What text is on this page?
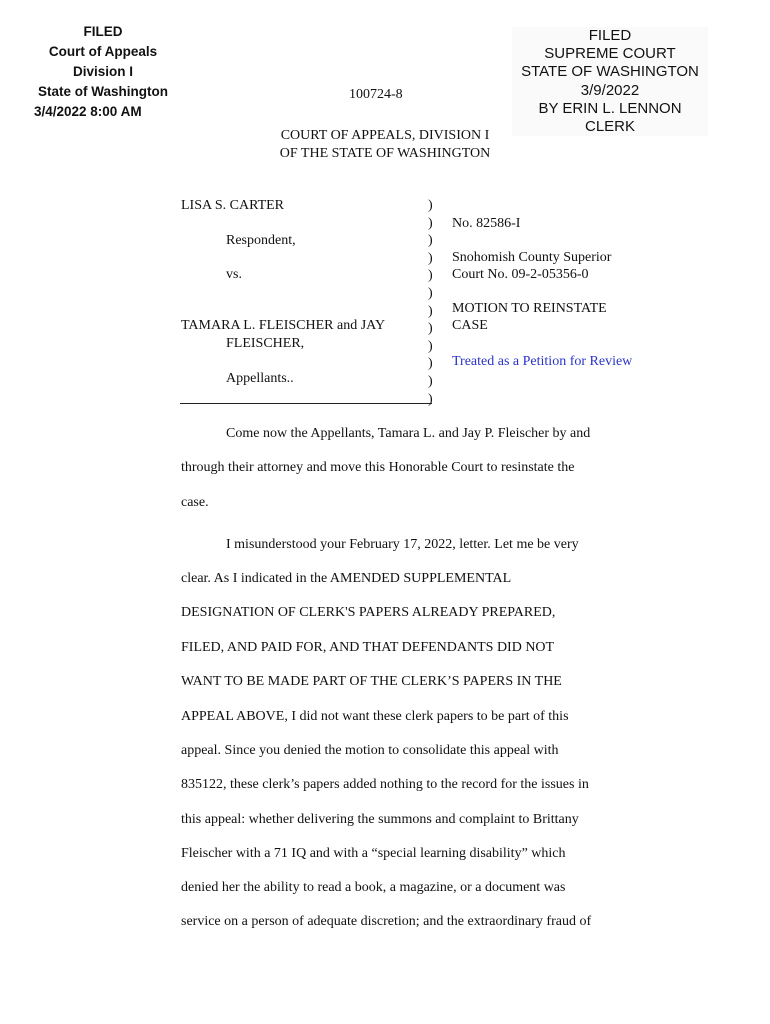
FILED
Court of Appeals
Division I
State of Washington
3/4/2022 8:00 AM
FILED
SUPREME COURT
STATE OF WASHINGTON
3/9/2022
BY ERIN L. LENNON
CLERK
100724-8
COURT OF APPEALS, DIVISION I
OF THE STATE OF WASHINGTON
LISA S. CARTER
Respondent,
vs.
TAMARA L. FLEISCHER and JAY
FLEISCHER,
Appellants..
)
)
)
)
)
)
)
)
)
)
)
)
No. 82586-I
Snohomish County Superior
Court No. 09-2-05356-0
MOTION TO REINSTATE
CASE
Treated as a Petition for Review
Come now the Appellants, Tamara L. and Jay P. Fleischer by and
through their attorney and move this Honorable Court to resinstate the
case.
I misunderstood your February 17, 2022, letter. Let me be very
clear. As I indicated in the AMENDED SUPPLEMENTAL
DESIGNATION OF CLERK'S PAPERS ALREADY PREPARED,
FILED, AND PAID FOR, AND THAT DEFENDANTS DID NOT
WANT TO BE MADE PART OF THE CLERK’S PAPERS IN THE
APPEAL ABOVE, I did not want these clerk papers to be part of this
appeal. Since you denied the motion to consolidate this appeal with
835122, these clerk’s papers added nothing to the record for the issues in
this appeal: whether delivering the summons and complaint to Brittany
Fleischer with a 71 IQ and with a “special learning disability” which
denied her the ability to read a book, a magazine, or a document was
service on a person of adequate discretion; and the extraordinary fraud of
